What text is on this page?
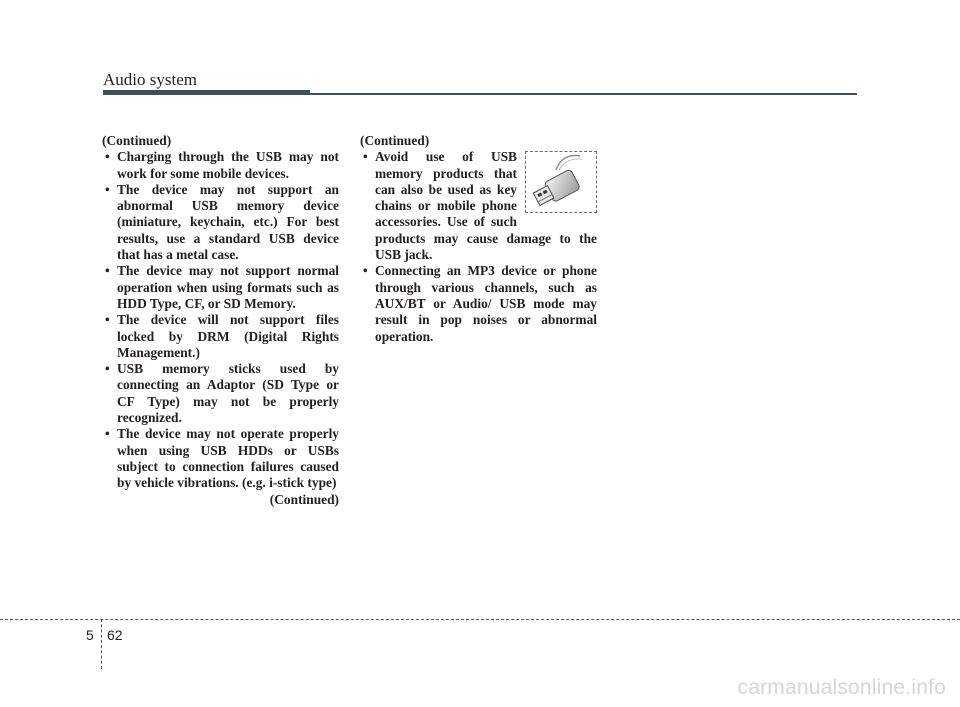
Audio system
(Continued)
• Charging through the USB may not work for some mobile devices.
• The device may not support an abnormal USB memory device (miniature, keychain, etc.) For best results, use a standard USB device that has a metal case.
• The device may not support normal operation when using formats such as HDD Type, CF, or SD Memory.
• The device will not support files locked by DRM (Digital Rights Management.)
• USB memory sticks used by connecting an Adaptor (SD Type or CF Type) may not be properly recognized.
• The device may not operate properly when using USB HDDs or USBs subject to connection failures caused by vehicle vibrations. (e.g. i-stick type)
(Continued)
(Continued)
• Avoid use of USB memory products that can also be used as key chains or mobile phone accessories. Use of such products may cause damage to the USB jack.
• Connecting an MP3 device or phone through various channels, such as AUX/BT or Audio/ USB mode may result in pop noises or abnormal operation.
5 62
carmanualsonline.info
